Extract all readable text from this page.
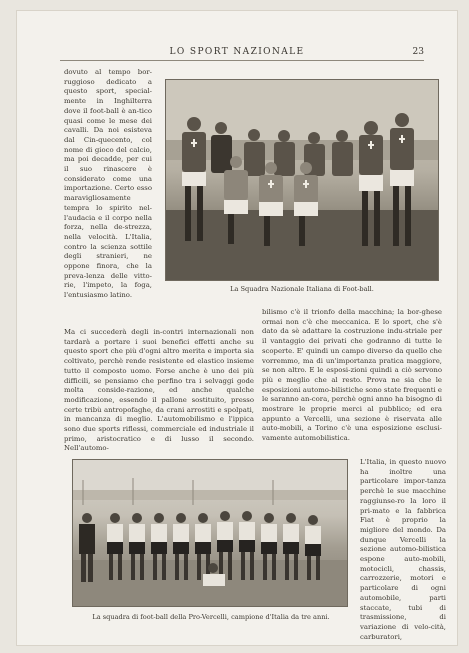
LO SPORT NAZIONALE	23
La Squadra Nazionale Italiana di Foot-ball.

dovuto al tempo bor-ruggioso dedicato a questo sport, special-mente in Inghilterra dove il foot-ball è an-tico quasi come le mese dei cavalli. Da noi esisteva dal Cin-quecento, col nome di gioco del calcio, ma poi decadde, per cui il suo rinascere è considerato come una importazione. Certo esso maravigliosamente tempra lo spirito nel-l'audacia e il corpo nella forza, nella de-strezza, nella velocità. L'Italia, contro la scienza sottile degli stranieri, ne oppone finora, che la preva-lenza delle vitto-rie, l'impeto, la foga, l'entusiasmo latino.

Ma ci succederà degli in-contri internazionali non tardarà a portare i suoi benefici effetti anche su questo sport che più d'ogni altro merita e importa sia coltivato, perchè rende resistente ed elastico insieme tutto il composto uomo. Forse anche è uno dei più difficili, se pensiamo che perfino tra i selvaggi gode molta conside-razione, ed anche qualche modificazione, essendo il pallone sostituito, presso certe tribù antropofaghe, da crani arrostiti e spolpati, in mancanza di meglio. L'automobilismo e l'ippica sono due sports riflessi, commerciale ed industriale il primo, aristocratico e di lusso il secondo. Nell'automo-

bilismo c'è il trionfo della macchina; la bor-ghese ormai non c'è che meccanica. E lo sport, che s'è dato da sè adattare la costruzione indu-striale per il vantaggio dei privati che godranno di tutte le scoperte. E' quindi un campo diverso da quello che vorremmo, ma di un'importanza pratica maggiore, se non altro. E le esposi-zioni quindi a ciò servono più e meglio che al resto. Prova ne sia che le esposizioni automo-bilistiche sono state frequenti e le saranno an-cora, perchè ogni anno ha bisogno di mostrare le proprie merci al pubblico; ed era appunto a Vercelli, una sezione è riservata alle auto-mobili, a Torino c'è una esposizione esclusi-vamente automobilistica.

La squadra di foot-ball della Pro-Vercelli, campione d'Italia da tre anni.

L'Italia, in questo nuovo ha inoltre una particolare impor-tanza perchè le sue macchine raggiunse-ro la loro il pri-mato e la fabbrica Fiat è proprio la migliore del mondo. Da dunque Vercelli la sezione automo-bilistica espone auto-mobili, motocicli, chassis, carrozzerie, motori e particolare di ogni automobile, parti staccate, tubi di trasmissione, di variazione di velo-cità, carburatori,
